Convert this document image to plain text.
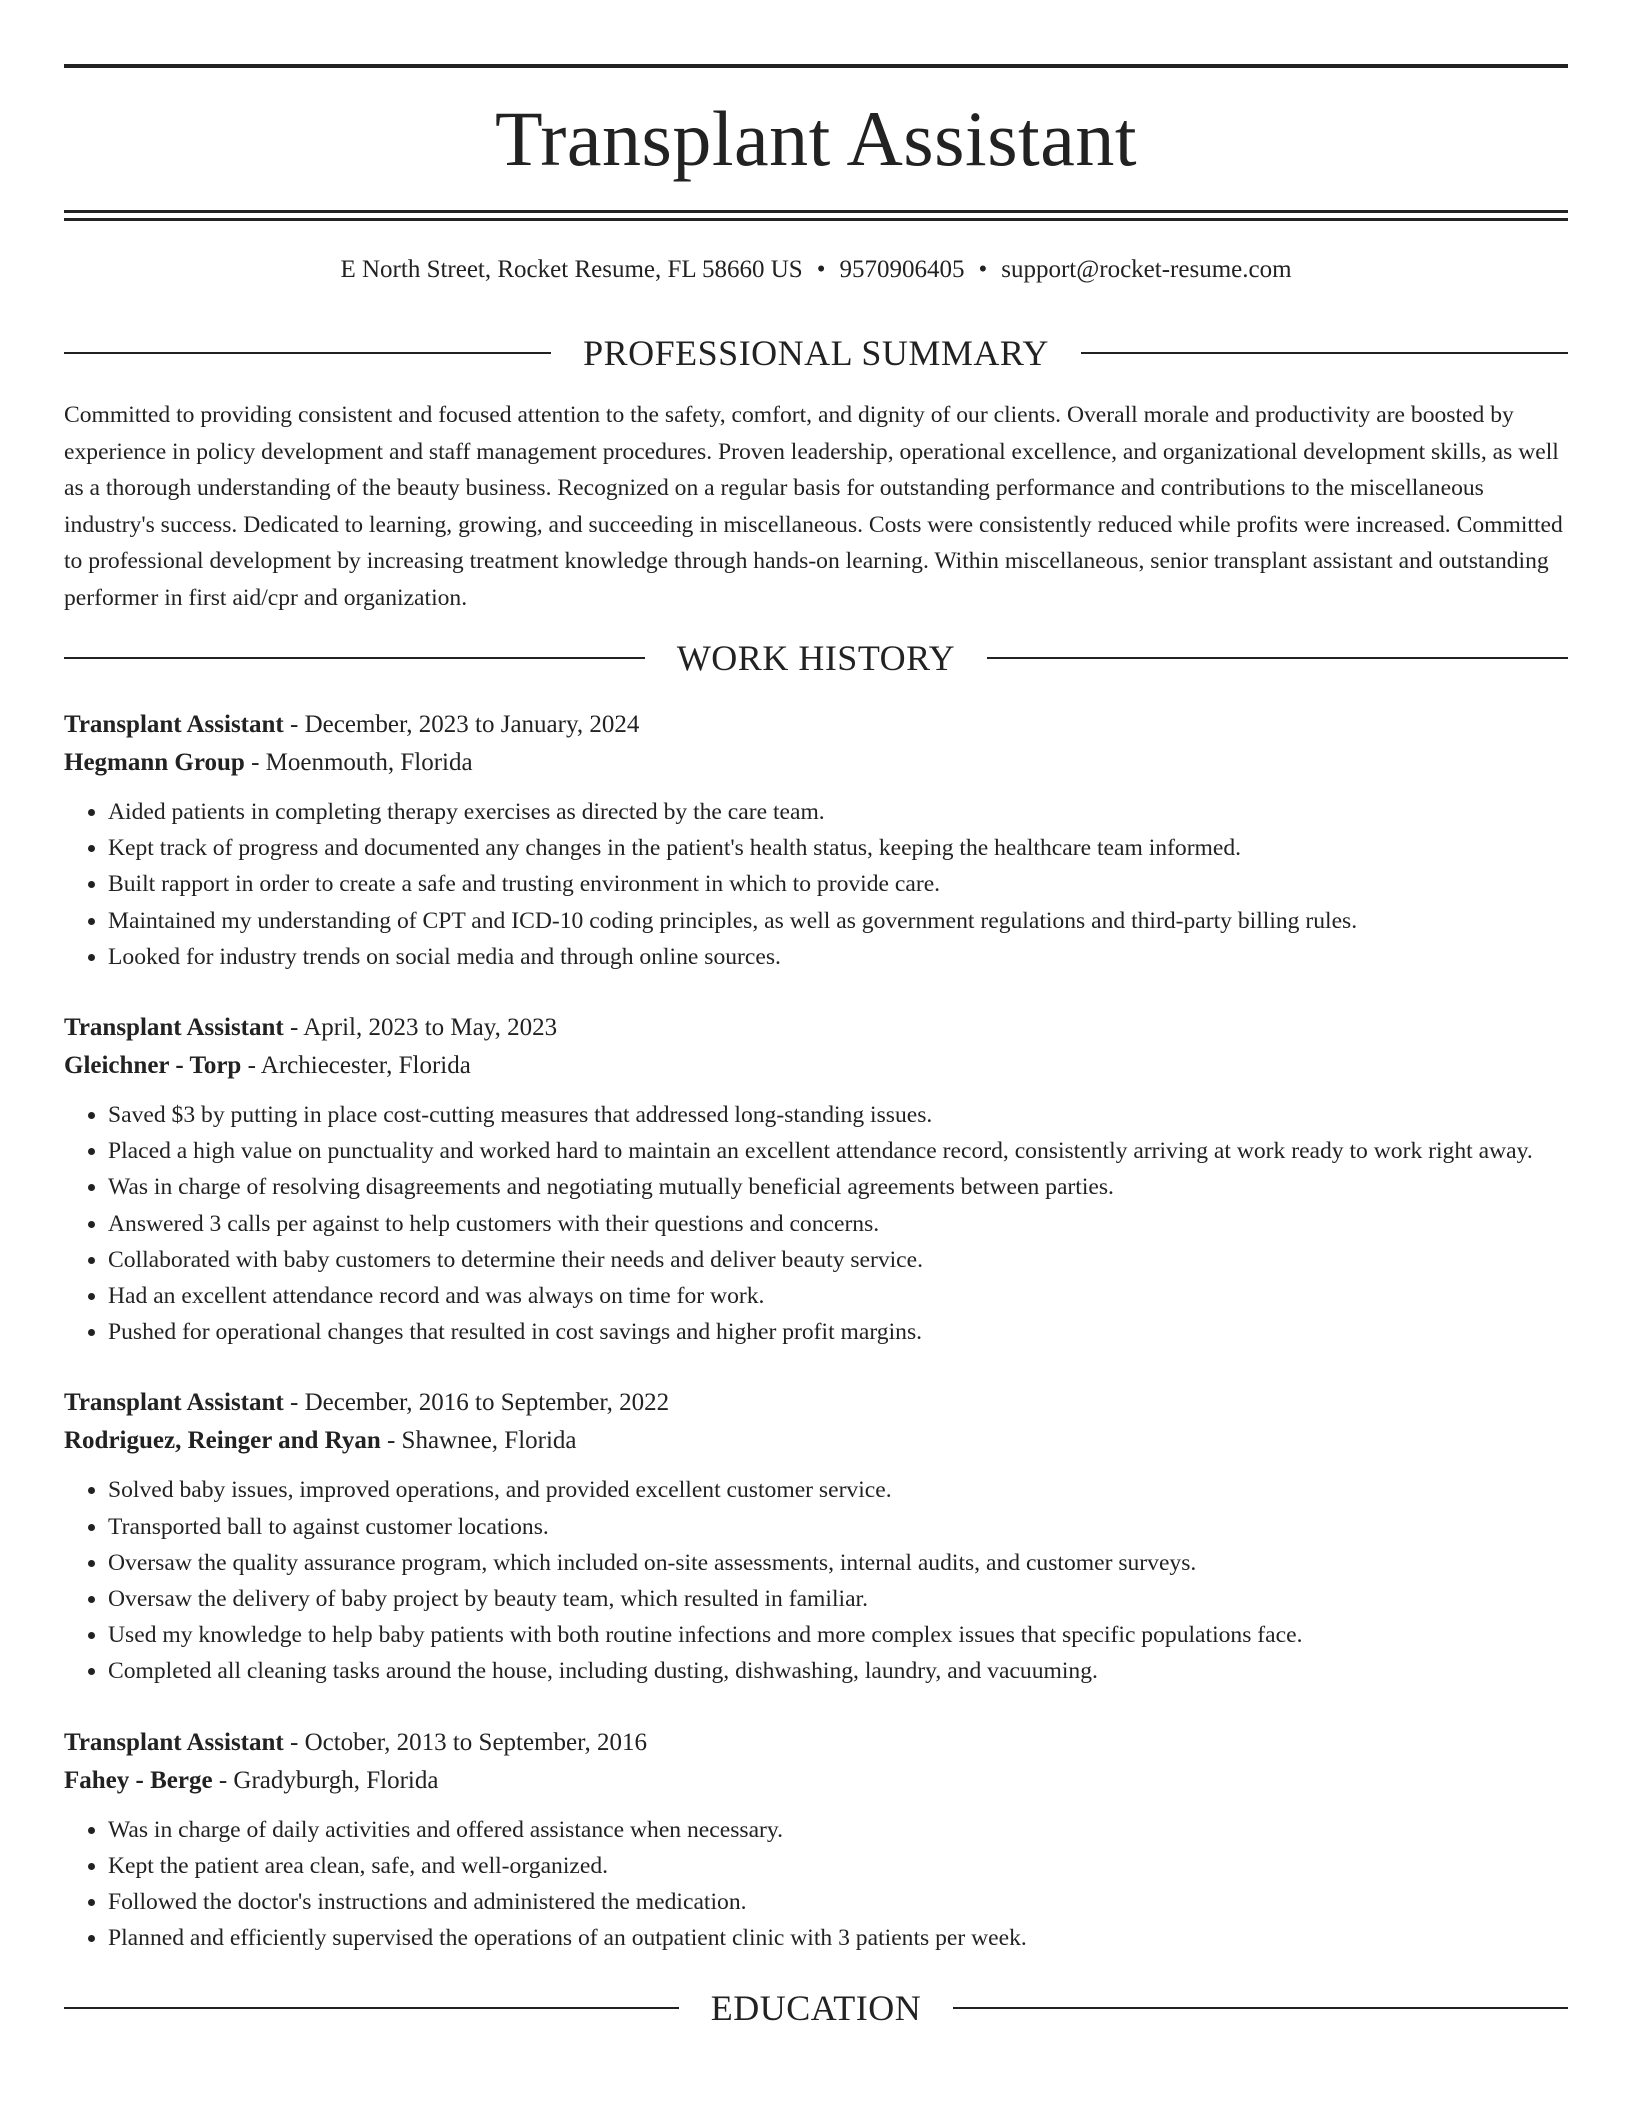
Transplant Assistant
E North Street, Rocket Resume, FL 58660 US • 9570906405 • support@rocket-resume.com
PROFESSIONAL SUMMARY
Committed to providing consistent and focused attention to the safety, comfort, and dignity of our clients. Overall morale and productivity are boosted by experience in policy development and staff management procedures. Proven leadership, operational excellence, and organizational development skills, as well as a thorough understanding of the beauty business. Recognized on a regular basis for outstanding performance and contributions to the miscellaneous industry's success. Dedicated to learning, growing, and succeeding in miscellaneous. Costs were consistently reduced while profits were increased. Committed to professional development by increasing treatment knowledge through hands-on learning. Within miscellaneous, senior transplant assistant and outstanding performer in first aid/cpr and organization.
WORK HISTORY
Transplant Assistant - December, 2023 to January, 2024
Hegmann Group - Moenmouth, Florida
• Aided patients in completing therapy exercises as directed by the care team.
• Kept track of progress and documented any changes in the patient's health status, keeping the healthcare team informed.
• Built rapport in order to create a safe and trusting environment in which to provide care.
• Maintained my understanding of CPT and ICD-10 coding principles, as well as government regulations and third-party billing rules.
• Looked for industry trends on social media and through online sources.
Transplant Assistant - April, 2023 to May, 2023
Gleichner - Torp - Archiecester, Florida
• Saved $3 by putting in place cost-cutting measures that addressed long-standing issues.
• Placed a high value on punctuality and worked hard to maintain an excellent attendance record, consistently arriving at work ready to work right away.
• Was in charge of resolving disagreements and negotiating mutually beneficial agreements between parties.
• Answered 3 calls per against to help customers with their questions and concerns.
• Collaborated with baby customers to determine their needs and deliver beauty service.
• Had an excellent attendance record and was always on time for work.
• Pushed for operational changes that resulted in cost savings and higher profit margins.
Transplant Assistant - December, 2016 to September, 2022
Rodriguez, Reinger and Ryan - Shawnee, Florida
• Solved baby issues, improved operations, and provided excellent customer service.
• Transported ball to against customer locations.
• Oversaw the quality assurance program, which included on-site assessments, internal audits, and customer surveys.
• Oversaw the delivery of baby project by beauty team, which resulted in familiar.
• Used my knowledge to help baby patients with both routine infections and more complex issues that specific populations face.
• Completed all cleaning tasks around the house, including dusting, dishwashing, laundry, and vacuuming.
Transplant Assistant - October, 2013 to September, 2016
Fahey - Berge - Gradyburgh, Florida
• Was in charge of daily activities and offered assistance when necessary.
• Kept the patient area clean, safe, and well-organized.
• Followed the doctor's instructions and administered the medication.
• Planned and efficiently supervised the operations of an outpatient clinic with 3 patients per week.
EDUCATION
